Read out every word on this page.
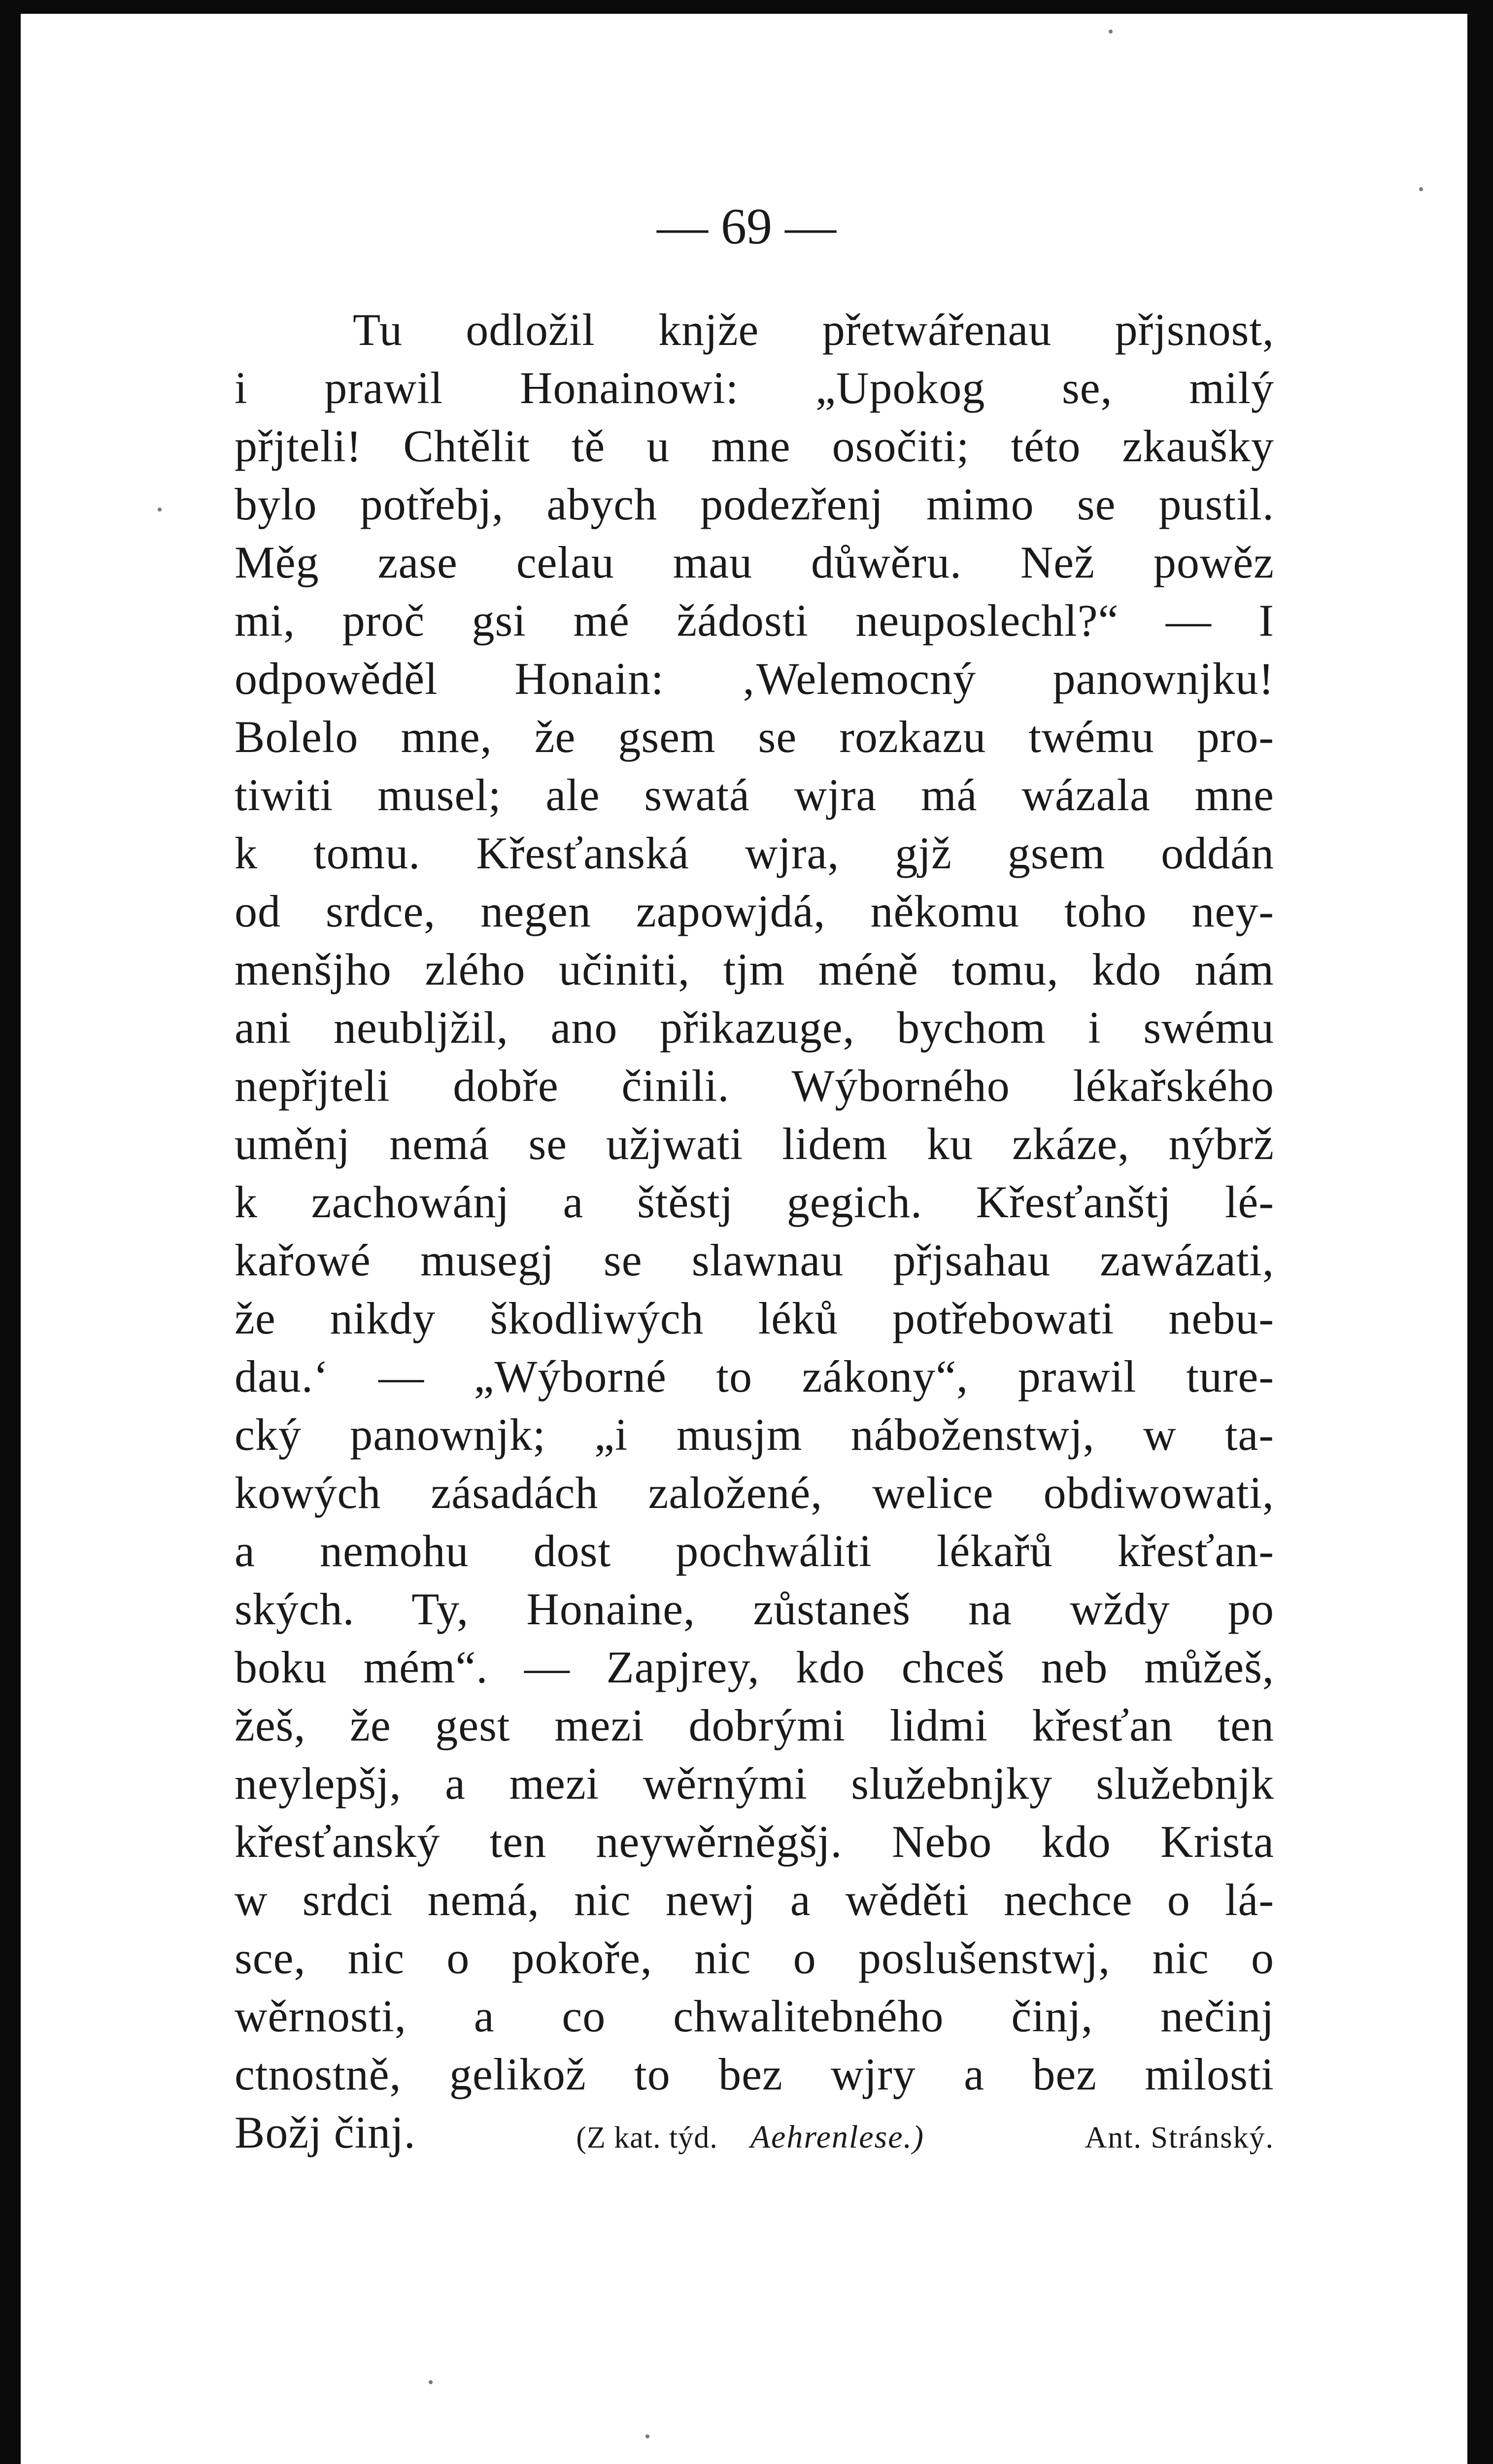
— 69 —
Tu odložil knjže přetwářenau přjsnost,
i prawil Honainowi: „Upokog se, milý
přjteli! Chtělit tě u mne osočiti; této zkaušky
bylo potřebj, abych podezřenj mimo se pustil.
Měg zase celau mau důwěru. Než powěz
mi, proč gsi mé žádosti neuposlechl?“ — I
odpowěděl Honain: ‚Welemocný panownjku!
Bolelo mne, že gsem se rozkazu twému pro-
tiwiti musel; ale swatá wjra má wázala mne
k tomu. Křesťanská wjra, gjž gsem oddán
od srdce, negen zapowjdá, někomu toho ney-
menšjho zlého učiniti, tjm méně tomu, kdo nám
ani neubljžil, ano přikazuge, bychom i swému
nepřjteli dobře činili. Wýborného lékařského
uměnj nemá se užjwati lidem ku zkáze, nýbrž
k zachowánj a štěstj gegich. Křesťanštj lé-
kařowé musegj se slawnau přjsahau zawázati,
že nikdy škodliwých léků potřebowati nebu-
dau.‘ — „Wýborné to zákony“, prawil ture-
cký panownjk; „i musjm náboženstwj, w ta-
kowých zásadách založené, welice obdiwowati,
a nemohu dost pochwáliti lékařů křesťan-
ských. Ty, Honaine, zůstaneš na wždy po
boku mém“. — Zapjrey, kdo chceš neb můžeš,
žeš, že gest mezi dobrými lidmi křesťan ten
neylepšj, a mezi wěrnými služebnjky služebnjk
křesťanský ten neywěrněgšj. Nebo kdo Krista
w srdci nemá, nic newj a wěděti nechce o lá-
sce, nic o pokoře, nic o poslušenstwj, nic o
wěrnosti, a co chwalitebného činj, nečinj
ctnostně, gelikož to bez wjry a bez milosti
Božj činj.	(Z kat. týd. Aehrenlese.)	Ant. Stránský.
